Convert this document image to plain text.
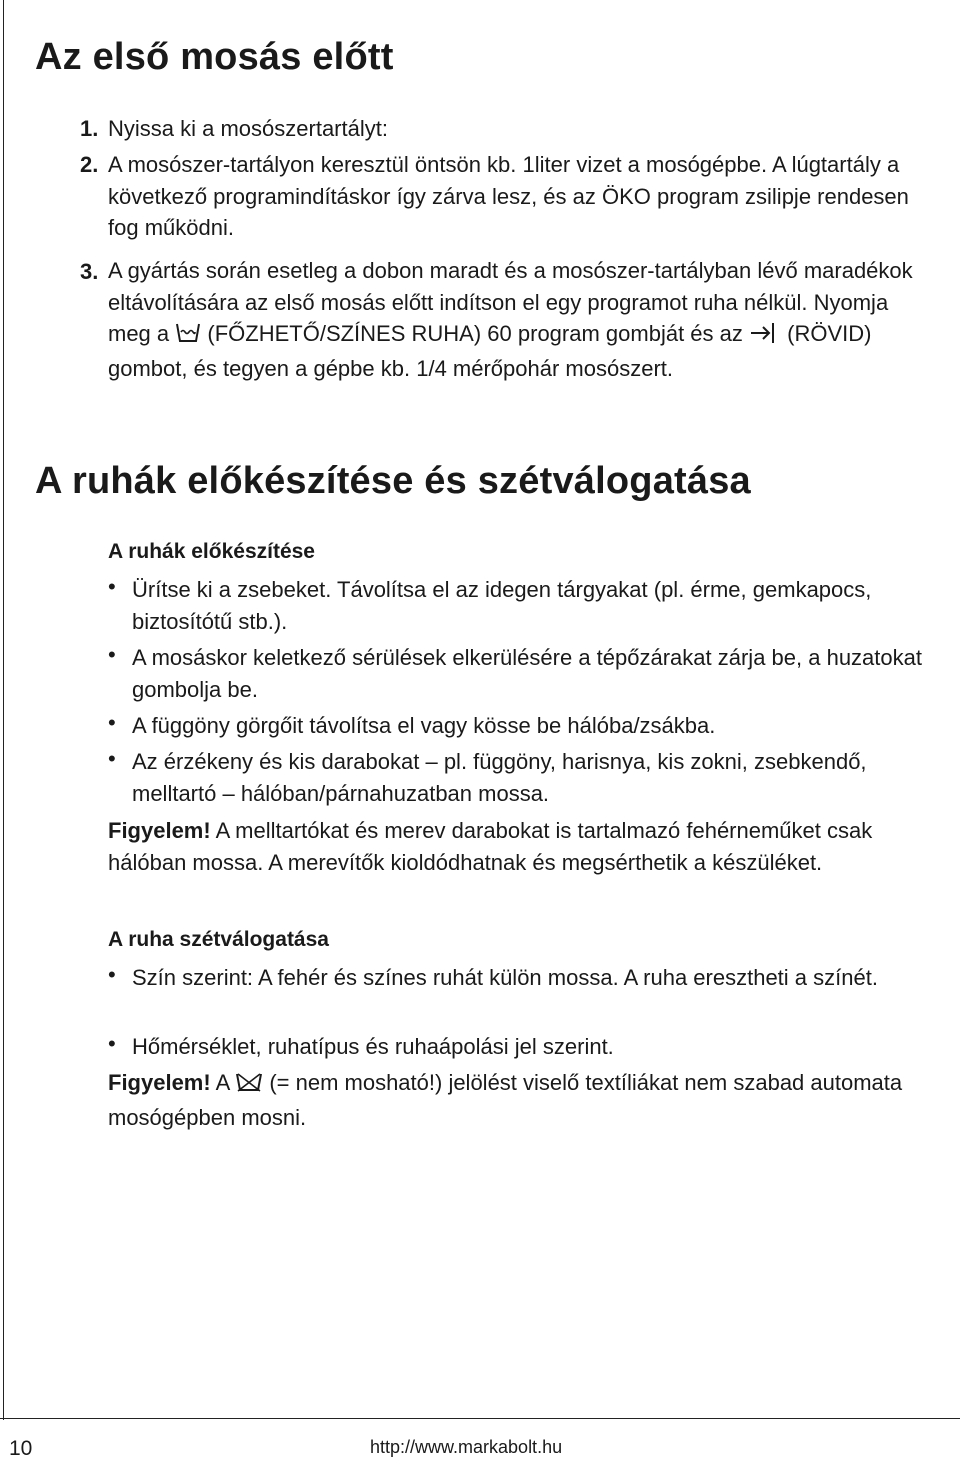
Az első mosás előtt
1. Nyissa ki a mosószertartályt:

2. A mosószer-tartályon keresztül öntsön kb. 1liter vizet a mosógépbe. A lúgtartály a következő programindításkor így zárva lesz, és az ÖKO program zsilipje rendesen fog működni.

3. A gyártás során esetleg a dobon maradt és a mosószer-tartályban lévő maradékok eltávolítására az első mosás előtt indítson el egy programot ruha nélkül. Nyomja meg a (FŐZHETŐ/SZÍNES RUHA) 60 program gombját és az (RÖVID) gombot, és tegyen a gépbe kb. 1/4 mérőpohár mosószert.

A ruhák előkészítése és szétválogatása
A ruhák előkészítése
• Ürítse ki a zsebeket. Távolítsa el az idegen tárgyakat (pl. érme, gemkapocs, biztosítótű stb.).

• A mosáskor keletkező sérülések elkerülésére a tépőzárakat zárja be, a huzatokat gombolja be.

• A függöny görgőit távolítsa el vagy kösse be hálóba/zsákba.

• Az érzékeny és kis darabokat – pl. függöny, harisnya, kis zokni, zsebkendő, melltartó – hálóban/párnahuzatban mossa.

Figyelem! A melltartókat és merev darabokat is tartalmazó fehérneműket csak hálóban mossa. A merevítők kioldódhatnak és megsérthetik a készüléket.

A ruha szétválogatása
• Szín szerint: A fehér és színes ruhát külön mossa. A ruha eresztheti a színét.

• Hőmérséklet, ruhatípus és ruhaápolási jel szerint.

Figyelem! A (= nem mosható!) jelölést viselő textíliákat nem szabad automata mosógépben mosni.

10	http://www.markabolt.hu
